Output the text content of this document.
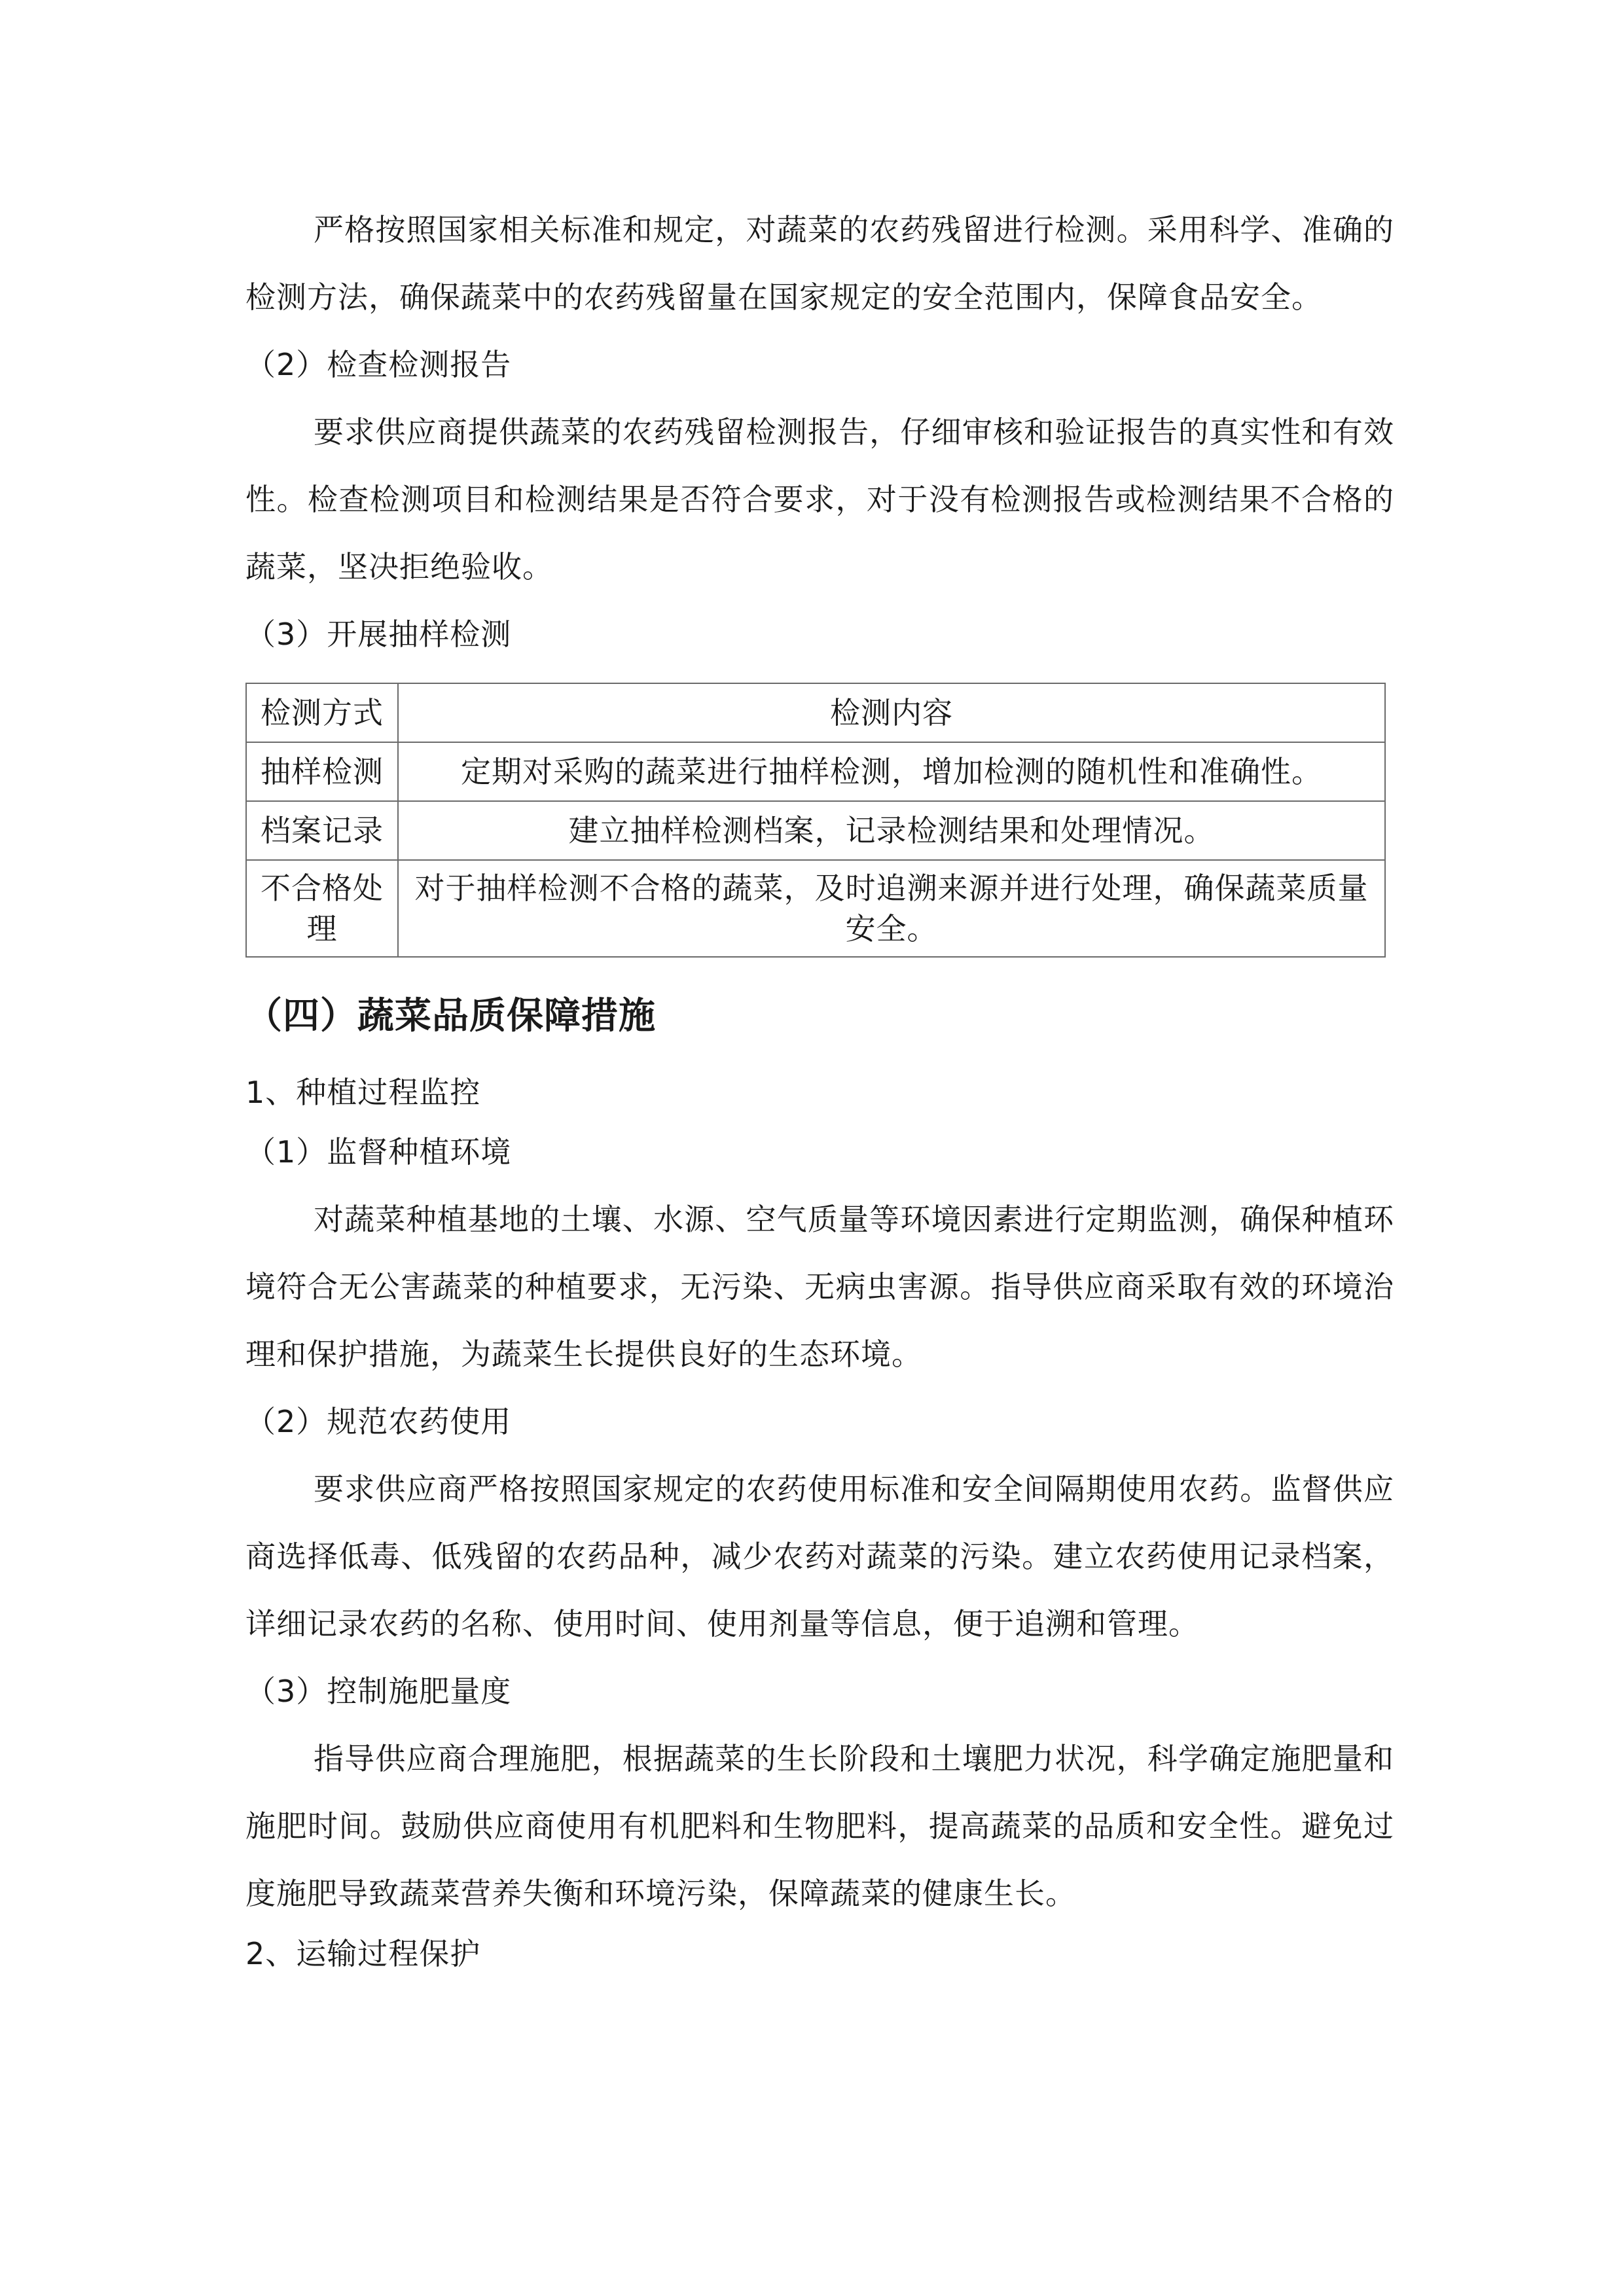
严格按照国家相关标准和规定，对蔬菜的农药残留进行检测。采用科学、准确的检测方法，确保蔬菜中的农药残留量在国家规定的安全范围内，保障食品安全。

（2）检查检测报告

要求供应商提供蔬菜的农药残留检测报告，仔细审核和验证报告的真实性和有效性。检查检测项目和检测结果是否符合要求，对于没有检测报告或检测结果不合格的蔬菜，坚决拒绝验收。

（3）开展抽样检测

检测方式	检测内容
抽样检测	定期对采购的蔬菜进行抽样检测，增加检测的随机性和准确性。
档案记录	建立抽样检测档案，记录检测结果和处理情况。
不合格处理	对于抽样检测不合格的蔬菜，及时追溯来源并进行处理，确保蔬菜质量安全。
（四）蔬菜品质保障措施

1、种植过程监控

（1）监督种植环境

对蔬菜种植基地的土壤、水源、空气质量等环境因素进行定期监测，确保种植环境符合无公害蔬菜的种植要求，无污染、无病虫害源。指导供应商采取有效的环境治理和保护措施，为蔬菜生长提供良好的生态环境。

（2）规范农药使用

要求供应商严格按照国家规定的农药使用标准和安全间隔期使用农药。监督供应商选择低毒、低残留的农药品种，减少农药对蔬菜的污染。建立农药使用记录档案，详细记录农药的名称、使用时间、使用剂量等信息，便于追溯和管理。

（3）控制施肥量度

指导供应商合理施肥，根据蔬菜的生长阶段和土壤肥力状况，科学确定施肥量和施肥时间。鼓励供应商使用有机肥料和生物肥料，提高蔬菜的品质和安全性。避免过度施肥导致蔬菜营养失衡和环境污染，保障蔬菜的健康生长。

2、运输过程保护
